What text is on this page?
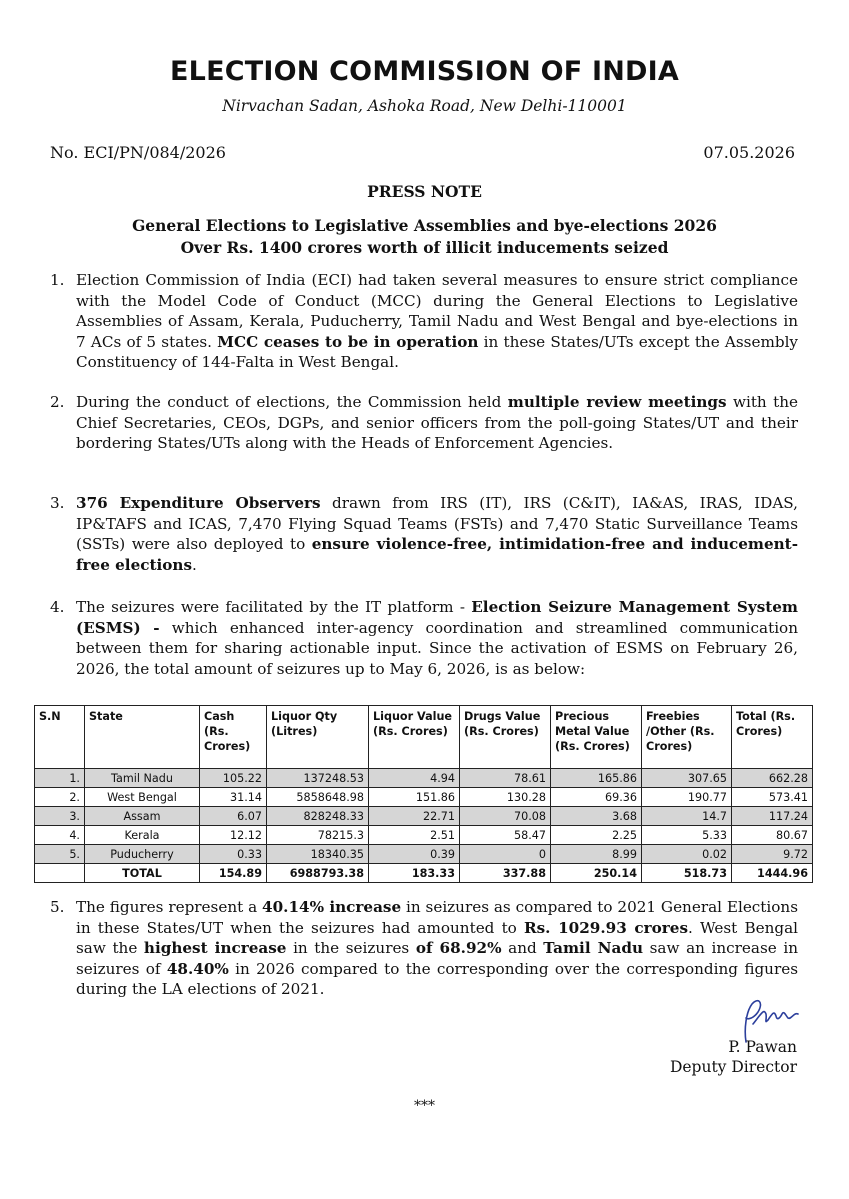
ELECTION COMMISSION OF INDIA
Nirvachan Sadan, Ashoka Road, New Delhi-110001
No. ECI/PN/084/2026	07.05.2026
PRESS NOTE
General Elections to Legislative Assemblies and bye-elections 2026
Over Rs. 1400 crores worth of illicit inducements seized
1. Election Commission of India (ECI) had taken several measures to ensure strict compliance with the Model Code of Conduct (MCC) during the General Elections to Legislative Assemblies of Assam, Kerala, Puducherry, Tamil Nadu and West Bengal and bye-elections in 7 ACs of 5 states. MCC ceases to be in operation in these States/UTs except the Assembly Constituency of 144-Falta in West Bengal.
2. During the conduct of elections, the Commission held multiple review meetings with the Chief Secretaries, CEOs, DGPs, and senior officers from the poll-going States/UT and their bordering States/UTs along with the Heads of Enforcement Agencies.
3. 376 Expenditure Observers drawn from IRS (IT), IRS (C&IT), IA&AS, IRAS, IDAS, IP&TAFS and ICAS, 7,470 Flying Squad Teams (FSTs) and 7,470 Static Surveillance Teams (SSTs) were also deployed to ensure violence-free, intimidation-free and inducement-free elections.
4. The seizures were facilitated by the IT platform - Election Seizure Management System (ESMS) - which enhanced inter-agency coordination and streamlined communication between them for sharing actionable input. Since the activation of ESMS on February 26, 2026, the total amount of seizures up to May 6, 2026, is as below:
S.N	State	Cash (Rs. Crores)	Liquor Qty (Litres)	Liquor Value (Rs. Crores)	Drugs Value (Rs. Crores)	Precious Metal Value (Rs. Crores)	Freebies /Other (Rs. Crores)	Total (Rs. Crores)
1.	Tamil Nadu	105.22	137248.53	4.94	78.61	165.86	307.65	662.28
2.	West Bengal	31.14	5858648.98	151.86	130.28	69.36	190.77	573.41
3.	Assam	6.07	828248.33	22.71	70.08	3.68	14.7	117.24
4.	Kerala	12.12	78215.3	2.51	58.47	2.25	5.33	80.67
5.	Puducherry	0.33	18340.35	0.39	0	8.99	0.02	9.72
	TOTAL	154.89	6988793.38	183.33	337.88	250.14	518.73	1444.96
5. The figures represent a 40.14% increase in seizures as compared to 2021 General Elections in these States/UT when the seizures had amounted to Rs. 1029.93 crores. West Bengal saw the highest increase in the seizures of 68.92% and Tamil Nadu saw an increase in seizures of 48.40% in 2026 compared to the corresponding over the corresponding figures during the LA elections of 2021.
P. Pawan
Deputy Director
***
